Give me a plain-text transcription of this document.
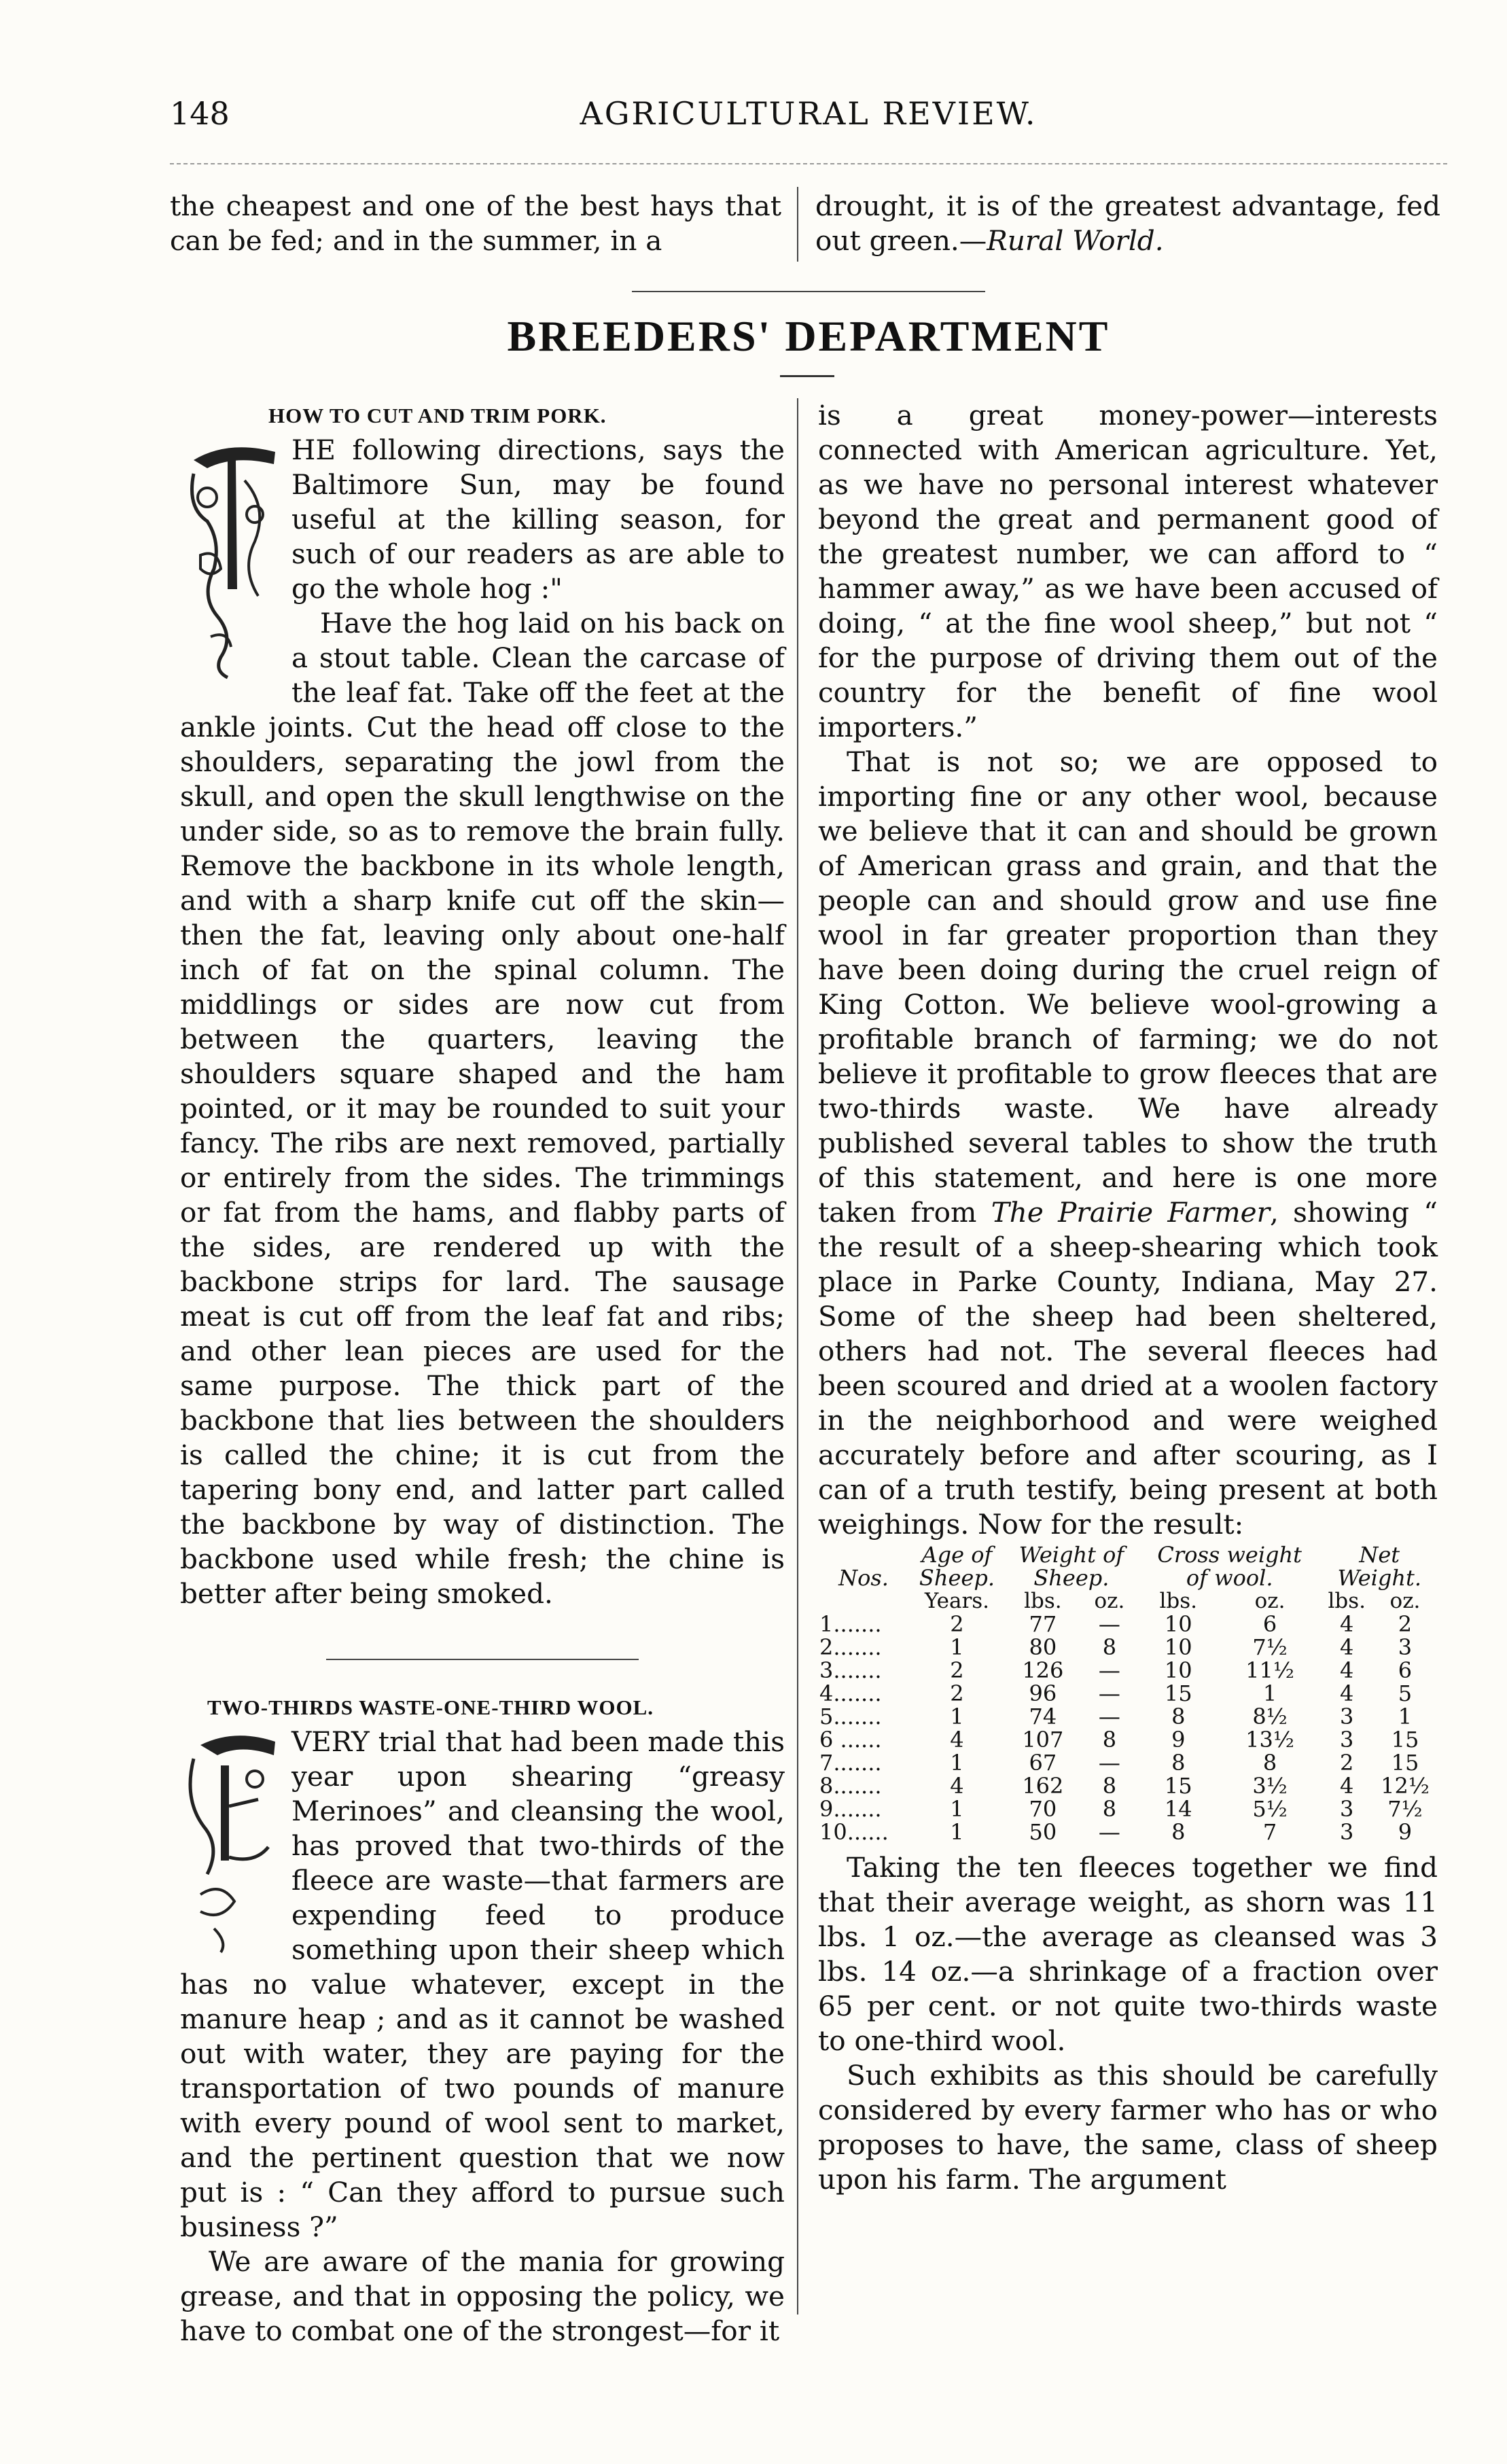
148	AGRICULTURAL REVIEW.

the cheapest and one of the best hays that can be fed; and in the summer, in a

drought, it is of the greatest advantage, fed out green.—Rural World.

BREEDERS' DEPARTMENT
HOW TO CUT AND TRIM PORK.

HE following directions, says the Baltimore Sun, may be found useful at the killing season, for such of our readers as are able to go the whole hog :"

Have the hog laid on his back on a stout table. Clean the carcase of the leaf fat. Take off the feet at the ankle joints. Cut the head off close to the shoulders, separating the jowl from the skull, and open the skull lengthwise on the under side, so as to remove the brain fully. Remove the backbone in its whole length, and with a sharp knife cut off the skin—then the fat, leaving only about one-half inch of fat on the spinal column. The middlings or sides are now cut from between the quarters, leaving the shoulders square shaped and the ham pointed, or it may be rounded to suit your fancy. The ribs are next removed, partially or entirely from the sides. The trimmings or fat from the hams, and flabby parts of the sides, are rendered up with the backbone strips for lard. The sausage meat is cut off from the leaf fat and ribs; and other lean pieces are used for the same purpose. The thick part of the backbone that lies between the shoulders is called the chine; it is cut from the tapering bony end, and latter part called the backbone by way of distinction. The backbone used while fresh; the chine is better after being smoked.

TWO-THIRDS WASTE-ONE-THIRD WOOL.

VERY trial that had been made this year upon shearing “greasy Merinoes” and cleansing the wool, has proved that two-thirds of the fleece are waste—that farmers are expending feed to produce something upon their sheep which has no value whatever, except in the manure heap ; and as it cannot be washed out with water, they are paying for the transportation of two pounds of manure with every pound of wool sent to market, and the pertinent question that we now put is : “ Can they afford to pursue such business ?”

We are aware of the mania for growing grease, and that in opposing the policy, we have to combat one of the strongest—for it

is a great money-power—interests connected with American agriculture. Yet, as we have no personal interest whatever beyond the great and permanent good of the greatest number, we can afford to “ hammer away,” as we have been accused of doing, “ at the fine wool sheep,” but not “ for the purpose of driving them out of the country for the benefit of fine wool importers.”

That is not so; we are opposed to importing fine or any other wool, because we believe that it can and should be grown of American grass and grain, and that the people can and should grow and use fine wool in far greater proportion than they have been doing during the cruel reign of King Cotton. We believe wool-growing a profitable branch of farming; we do not believe it profitable to grow fleeces that are two-thirds waste. We have already published several tables to show the truth of this statement, and here is one more taken from The Prairie Farmer, showing “ the result of a sheep-shearing which took place in Parke County, Indiana, May 27. Some of the sheep had been sheltered, others had not. The several fleeces had been scoured and dried at a woolen factory in the neighborhood and were weighed accurately before and after scouring, as I can of a truth testify, being present at both weighings. Now for the result:

	Age of	Weight of		Cross weight		Net	
Nos.	Sheep.	Sheep.		of wool.		Weight.	
	Years.	lbs.	oz.	lbs.	oz.	lbs.	oz.
1.......	2	77	—	10	6	4	2
2.......	1	80	8	10	7½	4	3
3.......	2	126	—	10	11½	4	6
4.......	2	96	—	15	1	4	5
5.......	1	74	—	8	8½	3	1
6 ......	4	107	8	9	13½	3	15
7.......	1	67	—	8	8	2	15
8.......	4	162	8	15	3½	4	12½
9.......	1	70	8	14	5½	3	7½
10......	1	50	—	8	7	3	9

Taking the ten fleeces together we find that their average weight, as shorn was 11 lbs. 1 oz.—the average as cleansed was 3 lbs. 14 oz.—a shrinkage of a fraction over 65 per cent. or not quite two-thirds waste to one-third wool.

Such exhibits as this should be carefully considered by every farmer who has or who proposes to have, the same, class of sheep upon his farm. The argument
